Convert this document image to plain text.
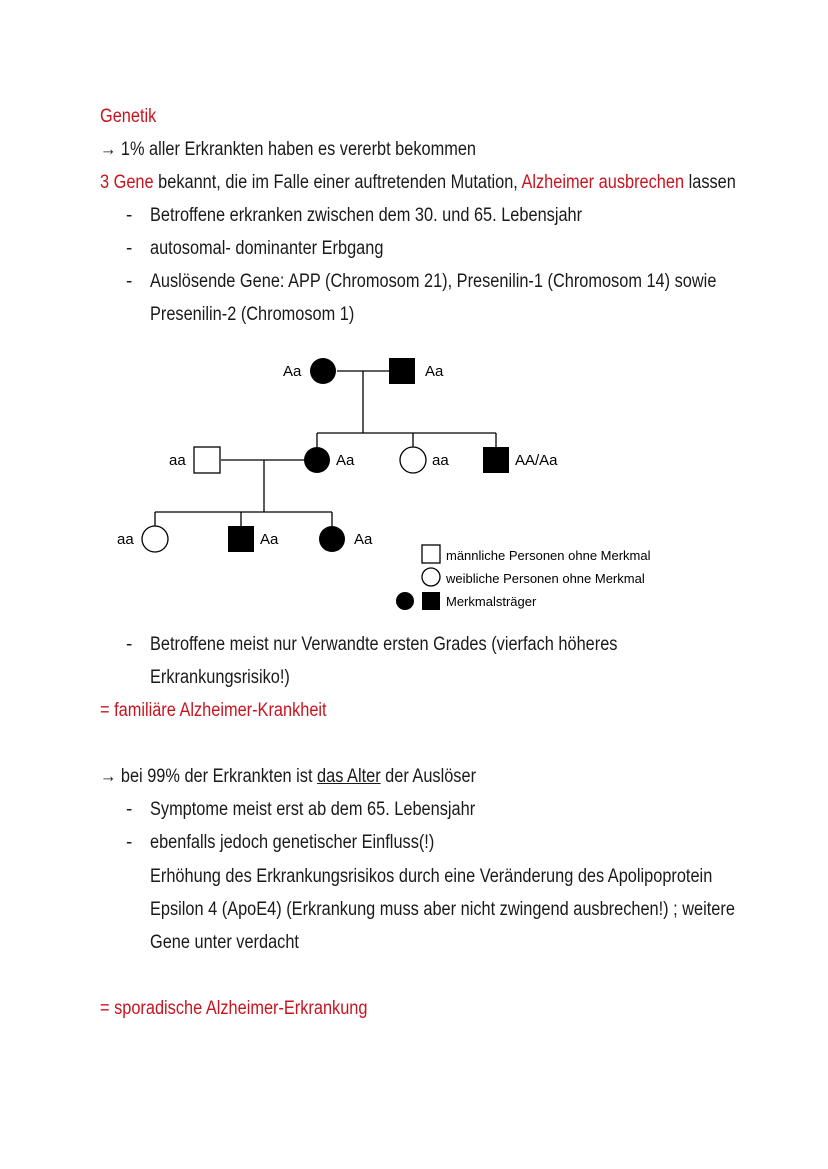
Genetik
→ 1% aller Erkrankten haben es vererbt bekommen
3 Gene bekannt, die im Falle einer auftretenden Mutation, Alzheimer ausbrechen lassen
- Betroffene erkranken zwischen dem 30. und 65. Lebensjahr
- autosomal- dominanter Erbgang
- Auslösende Gene: APP (Chromosom 21), Presenilin-1 (Chromosom 14) sowie
Presenilin-2 (Chromosom 1)
Aa	Aa
aa	Aa	aa	AA/Aa
aa	Aa	Aa
männliche Personen ohne Merkmal
weibliche Personen ohne Merkmal
Merkmalsträger
- Betroffene meist nur Verwandte ersten Grades (vierfach höheres
Erkrankungsrisiko!)
= familiäre Alzheimer-Krankheit
→ bei 99% der Erkrankten ist das Alter der Auslöser
- Symptome meist erst ab dem 65. Lebensjahr
- ebenfalls jedoch genetischer Einfluss(!)
Erhöhung des Erkrankungsrisikos durch eine Veränderung des Apolipoprotein
Epsilon 4 (ApoE4) (Erkrankung muss aber nicht zwingend ausbrechen!) ; weitere
Gene unter verdacht
= sporadische Alzheimer-Erkrankung
